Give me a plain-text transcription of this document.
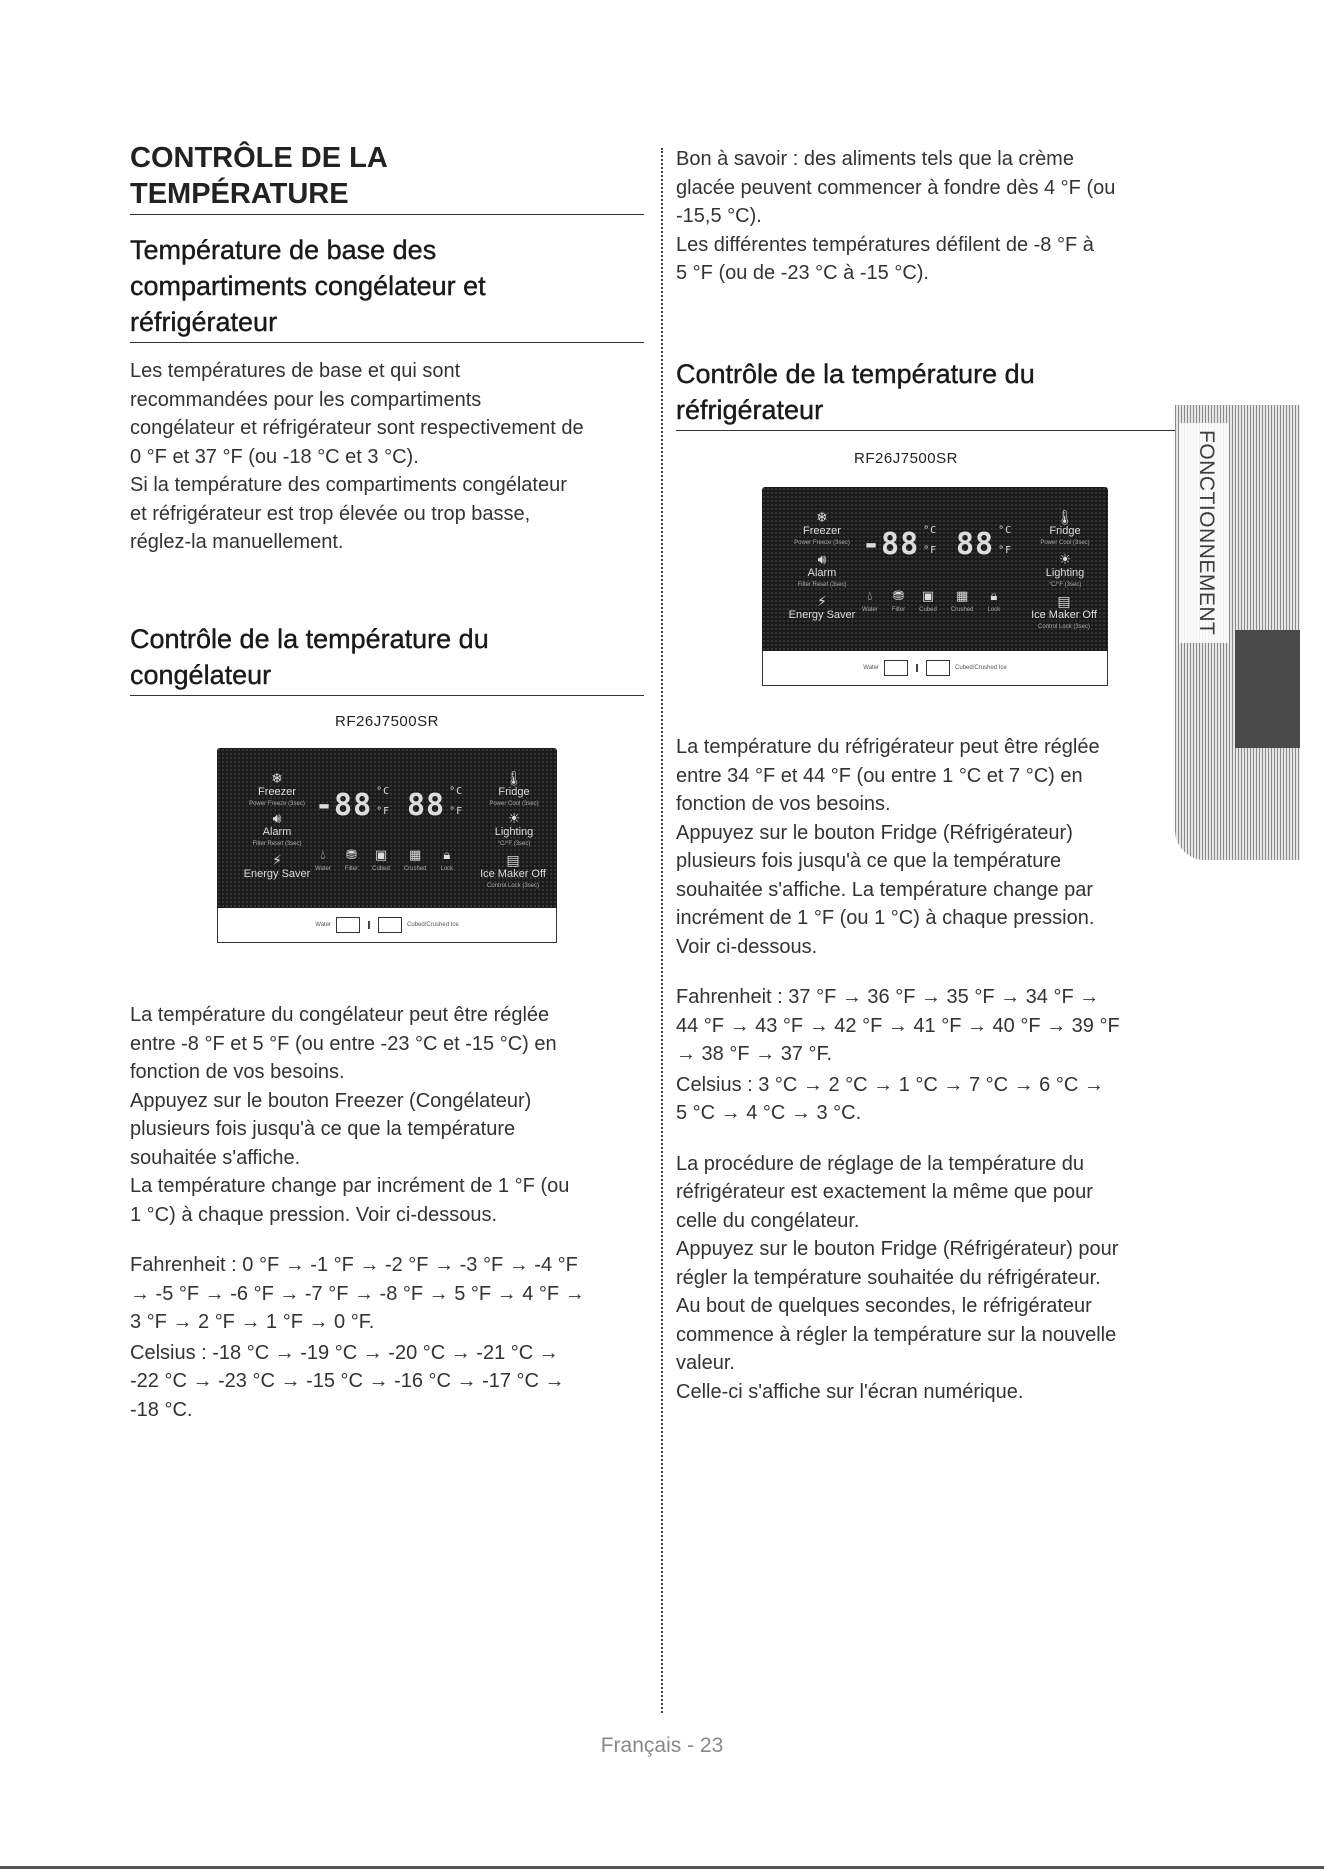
CONTRÔLE DE LA
TEMPÉRATURE
Température de base des
compartiments congélateur et
réfrigérateur

Les températures de base et qui sont

recommandées pour les compartiments

congélateur et réfrigérateur sont respectivement de

0 °F et 37 °F (ou -18 °C et 3 °C).

Si la température des compartiments congélateur

et réfrigérateur est trop élevée ou trop basse,

réglez-la manuellement.

Contrôle de la température du
congélateur

RF26J7500SR

❄
Freezer
Power Freeze (3sec)
🔊︎
Alarm
Filter Reset (3sec)
⚡
Energy Saver
-88 °C
°F 88 °C
°F
💧︎
Water
⛃
Filter
▣
Cubed
▦
Crushed
🔒︎
Lock
🌡︎
Fridge
Power Cool (3sec)
☀
Lighting
°C/°F (3sec)
▤
Ice Maker Off
Control Lock (3sec)
Water	Cubed/Crushed Ice

La température du congélateur peut être réglée

entre -8 °F et 5 °F (ou entre -23 °C et -15 °C) en

fonction de vos besoins.

Appuyez sur le bouton Freezer (Congélateur)

plusieurs fois jusqu'à ce que la température

souhaitée s'affiche.

La température change par incrément de 1 °F (ou

1 °C) à chaque pression. Voir ci-dessous.

Fahrenheit : 0 °F → -1 °F → -2 °F → -3 °F → -4 °F

→ -5 °F → -6 °F → -7 °F → -8 °F → 5 °F → 4 °F →

3 °F → 2 °F → 1 °F → 0 °F.

Celsius : -18 °C → -19 °C → -20 °C → -21 °C →

-22 °C → -23 °C → -15 °C → -16 °C → -17 °C →

-18 °C.

Bon à savoir : des aliments tels que la crème

glacée peuvent commencer à fondre dès 4 °F (ou

-15,5 °C).

Les différentes températures défilent de -8 °F à

5 °F (ou de -23 °C à -15 °C).

Contrôle de la température du
réfrigérateur

RF26J7500SR

❄
Freezer
Power Freeze (3sec)
🔊︎
Alarm
Filter Reset (3sec)
⚡
Energy Saver
-88 °C
°F 88 °C
°F
💧︎
Water
⛃
Filter
▣
Cubed
▦
Crushed
🔒︎
Lock
🌡︎
Fridge
Power Cool (3sec)
☀
Lighting
°C/°F (3sec)
▤
Ice Maker Off
Control Lock (3sec)
Water	Cubed/Crushed Ice

La température du réfrigérateur peut être réglée

entre 34 °F et 44 °F (ou entre 1 °C et 7 °C) en

fonction de vos besoins.

Appuyez sur le bouton Fridge (Réfrigérateur)

plusieurs fois jusqu'à ce que la température

souhaitée s'affiche. La température change par

incrément de 1 °F (ou 1 °C) à chaque pression.

Voir ci-dessous.

Fahrenheit : 37 °F → 36 °F → 35 °F → 34 °F →

44 °F → 43 °F → 42 °F → 41 °F → 40 °F → 39 °F

→ 38 °F → 37 °F.

Celsius : 3 °C → 2 °C → 1 °C → 7 °C → 6 °C →

5 °C → 4 °C → 3 °C.

La procédure de réglage de la température du

réfrigérateur est exactement la même que pour

celle du congélateur.

Appuyez sur le bouton Fridge (Réfrigérateur) pour

régler la température souhaitée du réfrigérateur.

Au bout de quelques secondes, le réfrigérateur

commence à régler la température sur la nouvelle

valeur.

Celle-ci s'affiche sur l'écran numérique.

FONCTIONNEMENT
Français - 23
